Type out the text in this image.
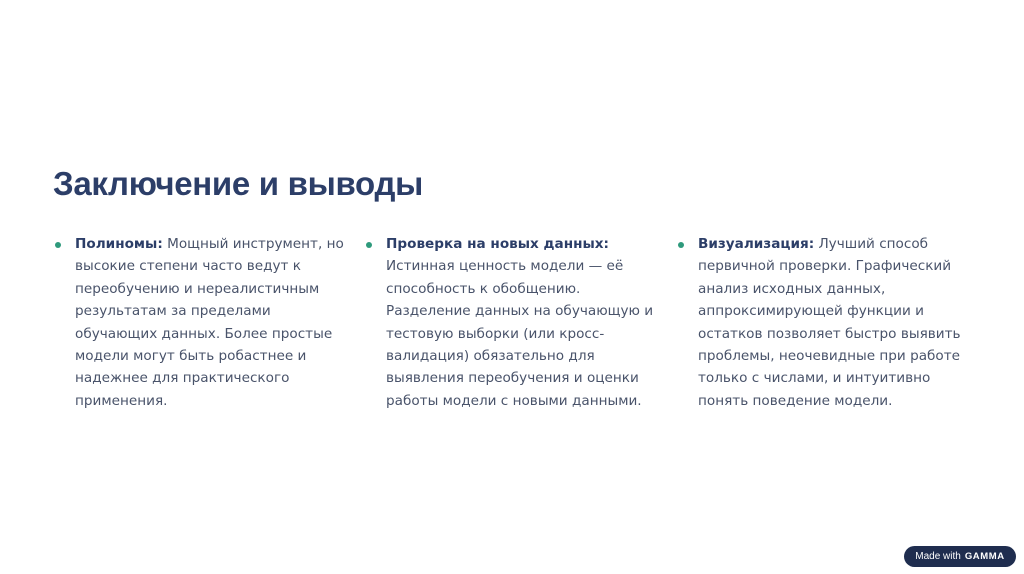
Заключение и выводы

Полиномы: Мощный инструмент, но высокие степени часто ведут к переобучению и нереалистичным результатам за пределами обучающих данных. Более простые модели могут быть робастнее и надежнее для практического применения.

Проверка на новых данных: Истинная ценность модели — её способность к обобщению. Разделение данных на обучающую и тестовую выборки (или кросс-валидация) обязательно для выявления переобучения и оценки работы модели с новыми данными.

Визуализация: Лучший способ первичной проверки. Графический анализ исходных данных, аппроксимирующей функции и остатков позволяет быстро выявить проблемы, неочевидные при работе только с числами, и интуитивно понять поведение модели.

Made with GAMMA
